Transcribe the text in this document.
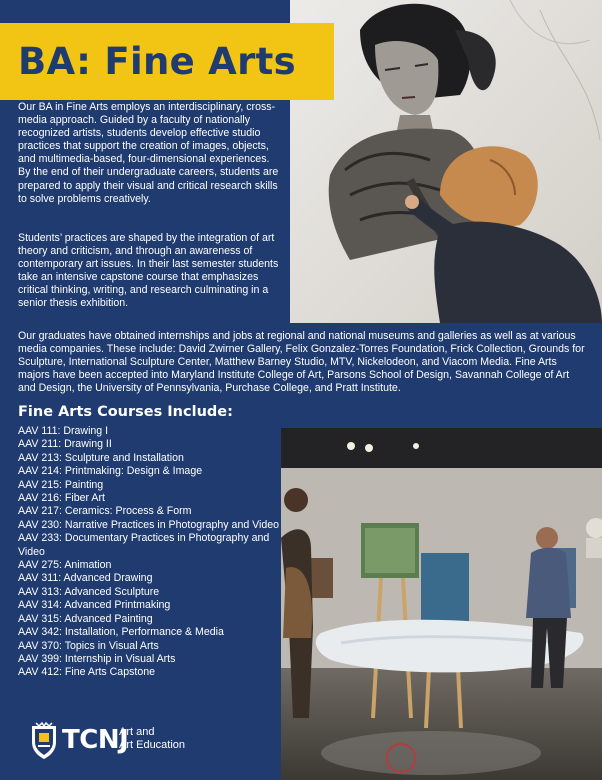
BA: Fine Arts

Our BA in Fine Arts employs an interdisciplinary, cross-media approach. Guided by a faculty of nationally recognized artists, students develop effective studio practices that support the creation of images, objects, and multimedia-based, four-dimensional experiences. By the end of their undergraduate careers, students are prepared to apply their visual and critical research skills to solve problems creatively.

Students’ practices are shaped by the integration of art theory and criticism, and through an awareness of contemporary art issues. In their last semester students take an intensive capstone course that emphasizes critical thinking, writing, and research culminating in a senior thesis exhibition.

Our graduates have obtained internships and jobs at regional and national museums and galleries as well as at various media companies. These include: David Zwirner Gallery, Felix Gonzalez-Torres Foundation, Frick Collection, Grounds for Sculpture, International Sculpture Center, Matthew Barney Studio, MTV, Nickelodeon, and Viacom Media. Fine Arts majors have been accepted into Maryland Institute College of Art, Parsons School of Design, Savannah College of Art and Design, the University of Pennsylvania, Purchase College, and Pratt Institute.

Fine Arts Courses Include:
AAV 111: Drawing I
AAV 211: Drawing II
AAV 213: Sculpture and Installation
AAV 214: Printmaking: Design & Image
AAV 215: Painting
AAV 216: Fiber Art
AAV 217: Ceramics: Process & Form
AAV 230: Narrative Practices in Photography and Video
AAV 233: Documentary Practices in Photography and Video
AAV 275: Animation
AAV 311: Advanced Drawing
AAV 313: Advanced Sculpture
AAV 314: Advanced Printmaking
AAV 315: Advanced Painting
AAV 342: Installation, Performance & Media
AAV 370: Topics in Visual Arts
AAV 399: Internship in Visual Arts
AAV 412: Fine Arts Capstone
TCNJ
Art and
Art Education
